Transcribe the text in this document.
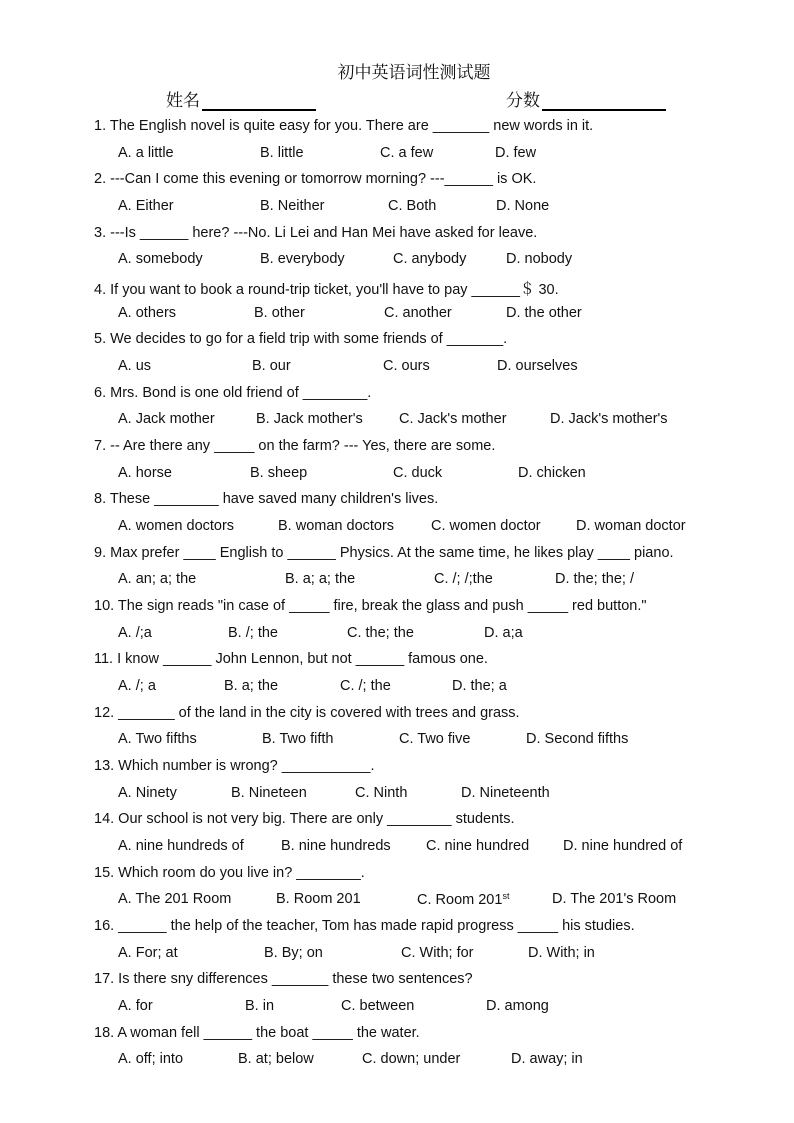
初中英语词性测试题
姓名	分数
1. The English novel is quite easy for you. There are _______ new words in it.
A. a little	B. little	C. a few	D. few
2. ---Can I come this evening or tomorrow morning? ---______ is OK.
A. Either	B. Neither	C. Both	D. None
3. ---Is ______ here? ---No. Li Lei and Han Mei have asked for leave.
A. somebody	B. everybody	C. anybody	D. nobody
4. If you want to book a round-trip ticket, you'll have to pay ______＄ 30.
A. others	B. other	C. another	D. the other
5. We decides to go for a field trip with some friends of _______.
A. us	B. our	C. ours	D. ourselves
6. Mrs. Bond is one old friend of ________.
A. Jack mother	B. Jack mother's	C. Jack's mother	D. Jack's mother's
7. -- Are there any _____ on the farm? --- Yes, there are some.
A. horse	B. sheep	C. duck	D. chicken
8. These ________ have saved many children's lives.
A. women doctors	B. woman doctors	C. women doctor D. woman doctor
9. Max prefer ____ English to ______ Physics. At the same time, he likes play ____ piano.
A. an; a; the	B. a; a; the	C. /; /;the	D. the; the; /
10. The sign reads "in case of _____ fire, break the glass and push _____ red button."
A. /;a	B. /; the	C. the; the	D. a;a
11. I know ______ John Lennon, but not ______ famous one.
A. /; a	B. a; the	C. /; the	D. the; a
12. _______ of the land in the city is covered with trees and grass.
A. Two fifths	B. Two fifth	C. Two five	D. Second fifths
13. Which number is wrong? ___________.
A. Ninety	B. Nineteen	C. Ninth	D. Nineteenth
14. Our school is not very big. There are only ________ students.
A. nine hundreds of	B. nine hundreds C. nine hundred D. nine hundred of
15. Which room do you live in? ________.
A. The 201 Room	B. Room 201	C. Room 201st	D. The 201's Room
16. ______ the help of the teacher, Tom has made rapid progress _____ his studies.
A. For; at	B. By; on	C. With; for	D. With; in
17. Is there sny differences _______ these two sentences?
A. for	B. in	C. between	D. among
18. A woman fell ______ the boat _____ the water.
A. off; into	B. at; below	C. down; under	D. away; in
